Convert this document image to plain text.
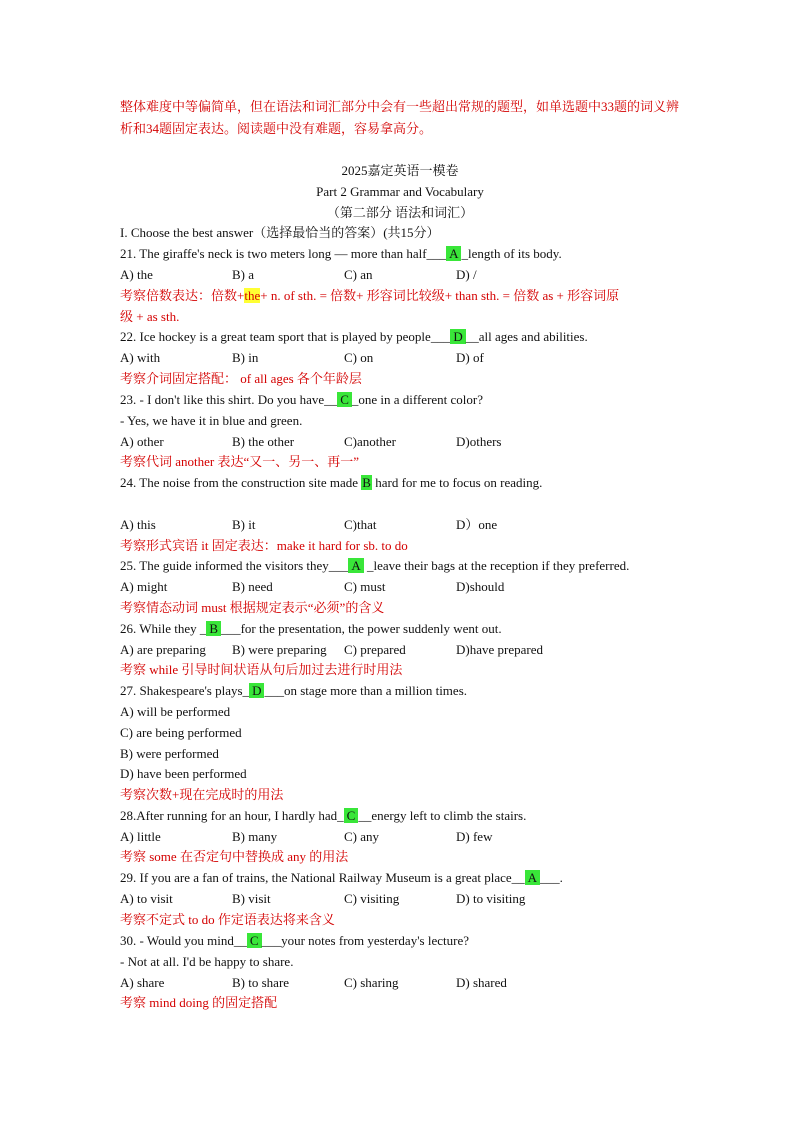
整体难度中等偏简单，但在语法和词汇部分中会有一些超出常规的题型，如单选题中33题的词义辨析和34题固定表达。阅读题中没有难题，容易拿高分。
2025嘉定英语一模卷
Part 2 Grammar and Vocabulary
（第二部分 语法和词汇）
I. Choose the best answer（选择最恰当的答案）(共15分）
21. The giraffe's neck is two meters long — more than half___ A _length of its body.
A) the	B) a	C) an	D) /
考察倍数表达：倍数+the+ n. of sth. = 倍数+ 形容词比较级+ than sth. = 倍数 as + 形容词原
级 + as sth.
22. Ice hockey is a great team sport that is played by people___ D __all ages and abilities.
A) with	B) in	C) on	D) of
考察介词固定搭配： of all ages 各个年龄层
23. - I don't like this shirt. Do you have__ C _one in a different color?
- Yes, we have it in blue and green.
A) other	B) the other	C)another	D)others
考察代词 another 表达“又一、另一、再一”
24. The noise from the construction site made B hard for me to focus on reading.
A) this	B) it	C)that	D）one
考察形式宾语 it 固定表达：make it hard for sb. to do
25. The guide informed the visitors they___ A _leave their bags at the reception if they preferred.
A) might	B) need	C) must	D)should
考察情态动词 must 根据规定表示“必须”的含义
26. While they _ B ___for the presentation, the power suddenly went out.
A) are preparing B) were preparing C) prepared	D)have prepared
考察 while 引导时间状语从句后加过去进行时用法
27. Shakespeare's plays_ D ___on stage more than a million times.
A) will be performed
C) are being performed
B) were performed
D) have been performed
考察次数+现在完成时的用法
28.After running for an hour, I hardly had_ C __energy left to climb the stairs.
A) little	B) many	C) any	D) few
考察 some 在否定句中替换成 any 的用法
29. If you are a fan of trains, the National Railway Museum is a great place__ A ___.
A) to visit	B) visit	C) visiting	D) to visiting
考察不定式 to do 作定语表达将来含义
30. - Would you mind__ C ___your notes from yesterday's lecture?
- Not at all. I'd be happy to share.
A) share	B) to share	C) sharing	D) shared
考察 mind doing 的固定搭配
